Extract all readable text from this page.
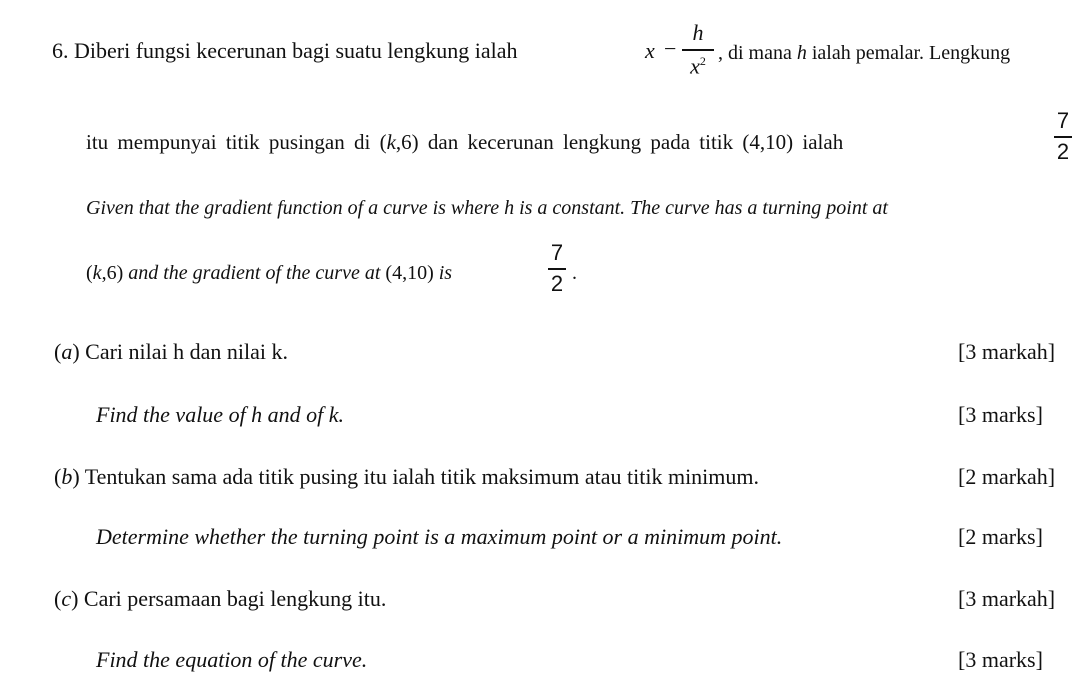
6. Diberi fungsi kecerunan bagi suatu lengkung ialah	x −
h
$x^2$ , di mana h ialah pemalar. Lengkung
itu mempunyai titik pusingan di (k,6) dan kecerunan lengkung pada titik (4,10) ialah
7
2
Given that the gradient function of a curve is where h is a constant. The curve has a turning point at
(k,6) and the gradient of the curve at (4,10) is
7
2 .
(a) Cari nilai h dan nilai k.	[3 markah]
Find the value of h and of k.	[3 marks]
(b) Tentukan sama ada titik pusing itu ialah titik maksimum atau titik minimum.	[2 markah]
Determine whether the turning point is a maximum point or a minimum point.	[2 marks]
(c) Cari persamaan bagi lengkung itu.	[3 markah]
Find the equation of the curve.	[3 marks]
